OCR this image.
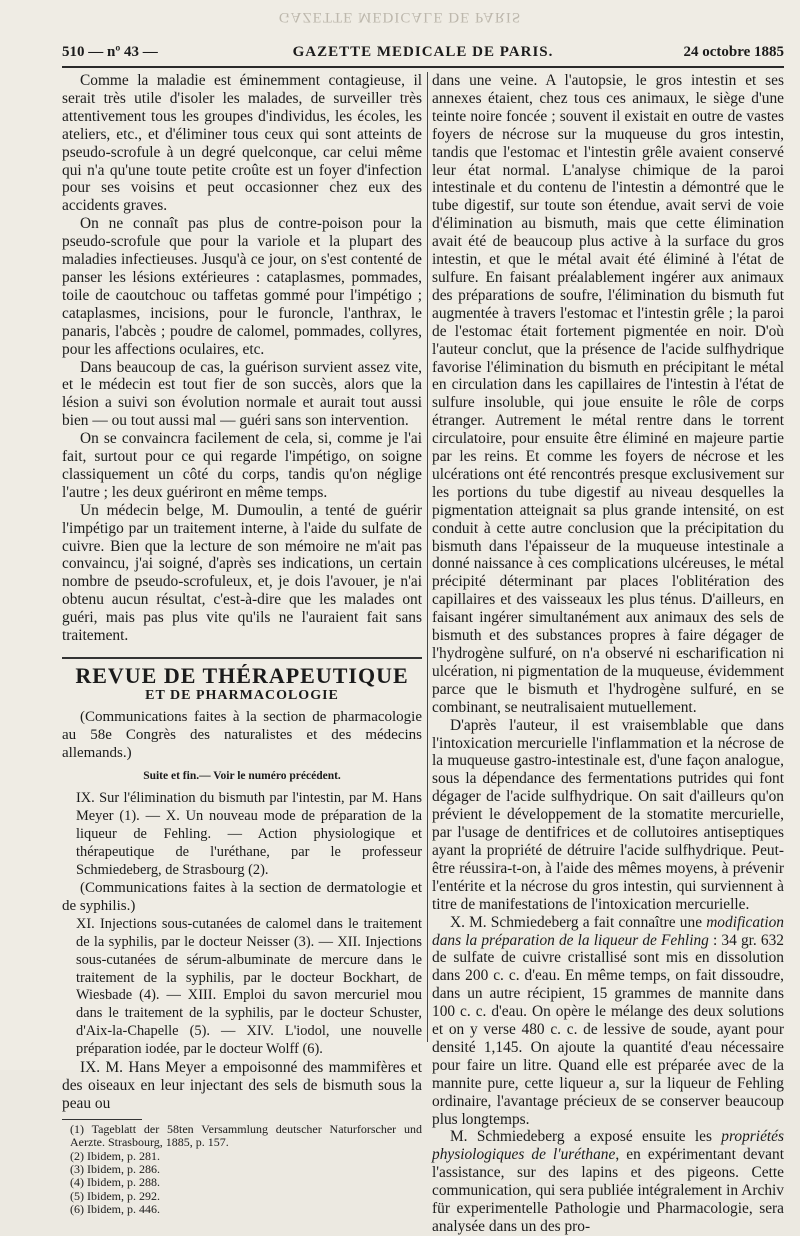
GAZETTE MEDICALE DE PARIS
510 — nº 43 —	GAZETTE MEDICALE DE PARIS.	24 octobre 1885

Comme la maladie est éminemment contagieuse, il serait très utile d'isoler les malades, de surveiller très attentivement tous les groupes d'individus, les écoles, les ateliers, etc., et d'éliminer tous ceux qui sont atteints de pseudo-scrofule à un degré quelconque, car celui même qui n'a qu'une toute petite croûte est un foyer d'infection pour ses voisins et peut occasionner chez eux des accidents graves.

On ne connaît pas plus de contre-poison pour la pseudo-scrofule que pour la variole et la plupart des maladies infectieuses. Jusqu'à ce jour, on s'est contenté de panser les lésions extérieures : cataplasmes, pommades, toile de caoutchouc ou taffetas gommé pour l'impétigo ; cataplasmes, incisions, pour le furoncle, l'anthrax, le panaris, l'abcès ; poudre de calomel, pommades, collyres, pour les affections oculaires, etc.

Dans beaucoup de cas, la guérison survient assez vite, et le médecin est tout fier de son succès, alors que la lésion a suivi son évolution normale et aurait tout aussi bien — ou tout aussi mal — guéri sans son intervention.

On se convaincra facilement de cela, si, comme je l'ai fait, surtout pour ce qui regarde l'impétigo, on soigne classiquement un côté du corps, tandis qu'on néglige l'autre ; les deux guériront en même temps.

Un médecin belge, M. Dumoulin, a tenté de guérir l'impétigo par un traitement interne, à l'aide du sulfate de cuivre. Bien que la lecture de son mémoire ne m'ait pas convaincu, j'ai soigné, d'après ses indications, un certain nombre de pseudo-scrofuleux, et, je dois l'avouer, je n'ai obtenu aucun résultat, c'est-à-dire que les malades ont guéri, mais pas plus vite qu'ils ne l'auraient fait sans traitement.

REVUE DE THÉRAPEUTIQUE

ET DE PHARMACOLOGIE

(Communications faites à la section de pharmacologie au 58e Congrès des naturalistes et des médecins allemands.)

Suite et fin.— Voir le numéro précédent.

IX. Sur l'élimination du bismuth par l'intestin, par M. Hans Meyer (1). — X. Un nouveau mode de préparation de la liqueur de Fehling. — Action physiologique et thérapeutique de l'uréthane, par le professeur Schmiedeberg, de Strasbourg (2).

(Communications faites à la section de dermatologie et de syphilis.)

XI. Injections sous-cutanées de calomel dans le traitement de la syphilis, par le docteur Neisser (3). — XII. Injections sous-cutanées de sérum-albuminate de mercure dans le traitement de la syphilis, par le docteur Bockhart, de Wiesbade (4). — XIII. Emploi du savon mercuriel mou dans le traitement de la syphilis, par le docteur Schuster, d'Aix-la-Chapelle (5). — XIV. L'iodol, une nouvelle préparation iodée, par le docteur Wolff (6).

IX. M. Hans Meyer a empoisonné des mammifères et des oiseaux en leur injectant des sels de bismuth sous la peau ou

(1) Tageblatt der 58ten Versammlung deutscher Naturforscher und Aerzte. Strasbourg, 1885, p. 157.

(2) Ibidem, p. 281.

(3) Ibidem, p. 286.

(4) Ibidem, p. 288.

(5) Ibidem, p. 292.

(6) Ibidem, p. 446.

dans une veine. A l'autopsie, le gros intestin et ses annexes étaient, chez tous ces animaux, le siège d'une teinte noire foncée ; souvent il existait en outre de vastes foyers de nécrose sur la muqueuse du gros intestin, tandis que l'estomac et l'intestin grêle avaient conservé leur état normal. L'analyse chimique de la paroi intestinale et du contenu de l'intestin a démontré que le tube digestif, sur toute son étendue, avait servi de voie d'élimination au bismuth, mais que cette élimination avait été de beaucoup plus active à la surface du gros intestin, et que le métal avait été éliminé à l'état de sulfure. En faisant préalablement ingérer aux animaux des préparations de soufre, l'élimination du bismuth fut augmentée à travers l'estomac et l'intestin grêle ; la paroi de l'estomac était fortement pigmentée en noir. D'où l'auteur conclut, que la présence de l'acide sulfhydrique favorise l'élimination du bismuth en précipitant le métal en circulation dans les capillaires de l'intestin à l'état de sulfure insoluble, qui joue ensuite le rôle de corps étranger. Autrement le métal rentre dans le torrent circulatoire, pour ensuite être éliminé en majeure partie par les reins. Et comme les foyers de nécrose et les ulcérations ont été rencontrés presque exclusivement sur les portions du tube digestif au niveau desquelles la pigmentation atteignait sa plus grande intensité, on est conduit à cette autre conclusion que la précipitation du bismuth dans l'épaisseur de la muqueuse intestinale a donné naissance à ces complications ulcéreuses, le métal précipité déterminant par places l'oblitération des capillaires et des vaisseaux les plus ténus. D'ailleurs, en faisant ingérer simultanément aux animaux des sels de bismuth et des substances propres à faire dégager de l'hydrogène sulfuré, on n'a observé ni escharification ni ulcération, ni pigmentation de la muqueuse, évidemment parce que le bismuth et l'hydrogène sulfuré, en se combinant, se neutralisaient mutuellement.

D'après l'auteur, il est vraisemblable que dans l'intoxication mercurielle l'inflammation et la nécrose de la muqueuse gastro-intestinale est, d'une façon analogue, sous la dépendance des fermentations putrides qui font dégager de l'acide sulfhydrique. On sait d'ailleurs qu'on prévient le développement de la stomatite mercurielle, par l'usage de dentifrices et de collutoires antiseptiques ayant la propriété de détruire l'acide sulfhydrique. Peut-être réussira-t-on, à l'aide des mêmes moyens, à prévenir l'entérite et la nécrose du gros intestin, qui surviennent à titre de manifestations de l'intoxication mercurielle.

X. M. Schmiedeberg a fait connaître une modification dans la préparation de la liqueur de Fehling : 34 gr. 632 de sulfate de cuivre cristallisé sont mis en dissolution dans 200 c. c. d'eau. En même temps, on fait dissoudre, dans un autre récipient, 15 grammes de mannite dans 100 c. c. d'eau. On opère le mélange des deux solutions et on y verse 480 c. c. de lessive de soude, ayant pour densité 1,145. On ajoute la quantité d'eau nécessaire pour faire un litre. Quand elle est préparée avec de la mannite pure, cette liqueur a, sur la liqueur de Fehling ordinaire, l'avantage précieux de se conserver beaucoup plus longtemps.

M. Schmiedeberg a exposé ensuite les propriétés physiologiques de l'uréthane, en expérimentant devant l'assistance, sur des lapins et des pigeons. Cette communication, qui sera publiée intégralement in Archiv für experimentelle Pathologie und Pharmacologie, sera analysée dans un des pro-
